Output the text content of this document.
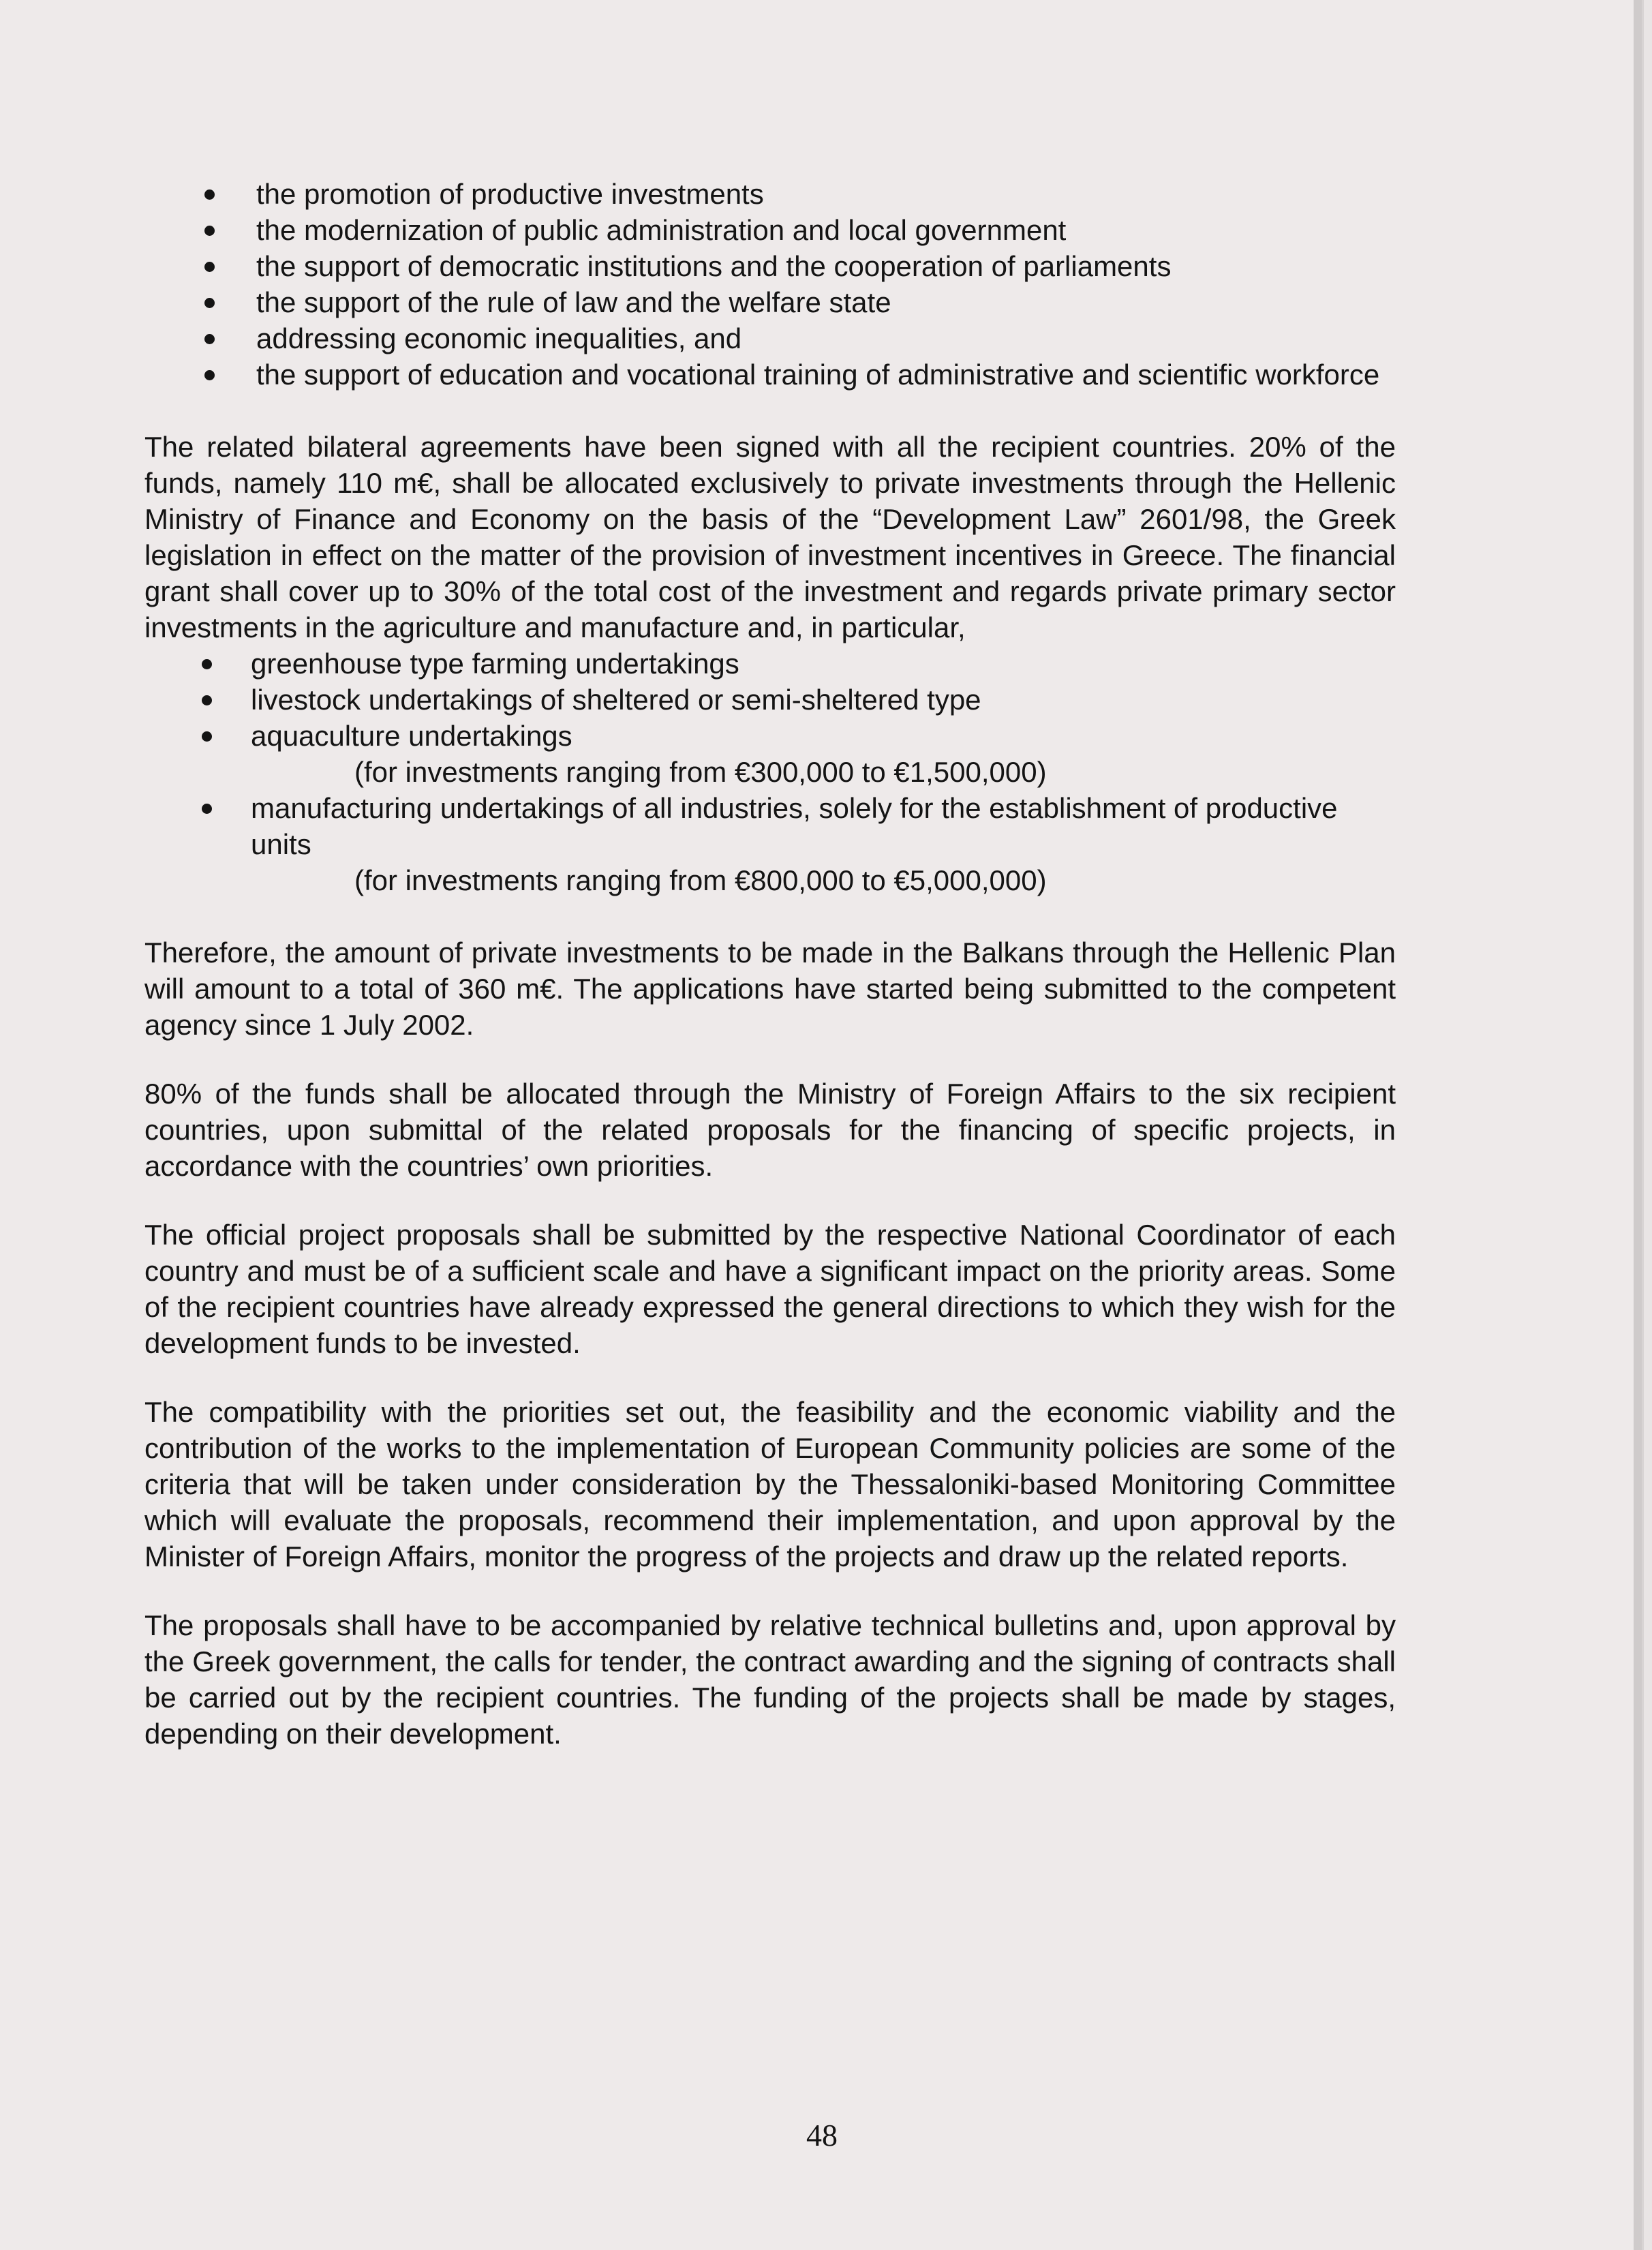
the promotion of productive investments
the modernization of public administration and local government
the support of democratic institutions and the cooperation of parliaments
the support of the rule of law and the welfare state
addressing economic inequalities, and
the support of education and vocational training of administrative and scientific workforce

The related bilateral agreements have been signed with all the recipient countries. 20% of the funds, namely 110 m€, shall be allocated exclusively to private investments through the Hellenic Ministry of Finance and Economy on the basis of the “Development Law” 2601/98, the Greek legislation in effect on the matter of the provision of investment incentives in Greece. The financial grant shall cover up to 30% of the total cost of the investment and regards private primary sector investments in the agriculture and manufacture and, in particular,

greenhouse type farming undertakings
livestock undertakings of sheltered or semi-sheltered type
aquaculture undertakings
(for investments ranging from €300,000 to €1,500,000)
manufacturing undertakings of all industries, solely for the establishment of productive units
(for investments ranging from €800,000 to €5,000,000)

Therefore, the amount of private investments to be made in the Balkans through the Hellenic Plan will amount to a total of 360 m€. The applications have started being submitted to the competent agency since 1 July 2002.

80% of the funds shall be allocated through the Ministry of Foreign Affairs to the six recipient countries, upon submittal of the related proposals for the financing of specific projects, in accordance with the countries’ own priorities.

The official project proposals shall be submitted by the respective National Coordinator of each country and must be of a sufficient scale and have a significant impact on the priority areas. Some of the recipient countries have already expressed the general directions to which they wish for the development funds to be invested.

The compatibility with the priorities set out, the feasibility and the economic viability and the contribution of the works to the implementation of European Community policies are some of the criteria that will be taken under consideration by the Thessaloniki-based Monitoring Committee which will evaluate the proposals, recommend their implementation, and upon approval by the Minister of Foreign Affairs, monitor the progress of the projects and draw up the related reports.

The proposals shall have to be accompanied by relative technical bulletins and, upon approval by the Greek government, the calls for tender, the contract awarding and the signing of contracts shall be carried out by the recipient countries. The funding of the projects shall be made by stages, depending on their development.

48
